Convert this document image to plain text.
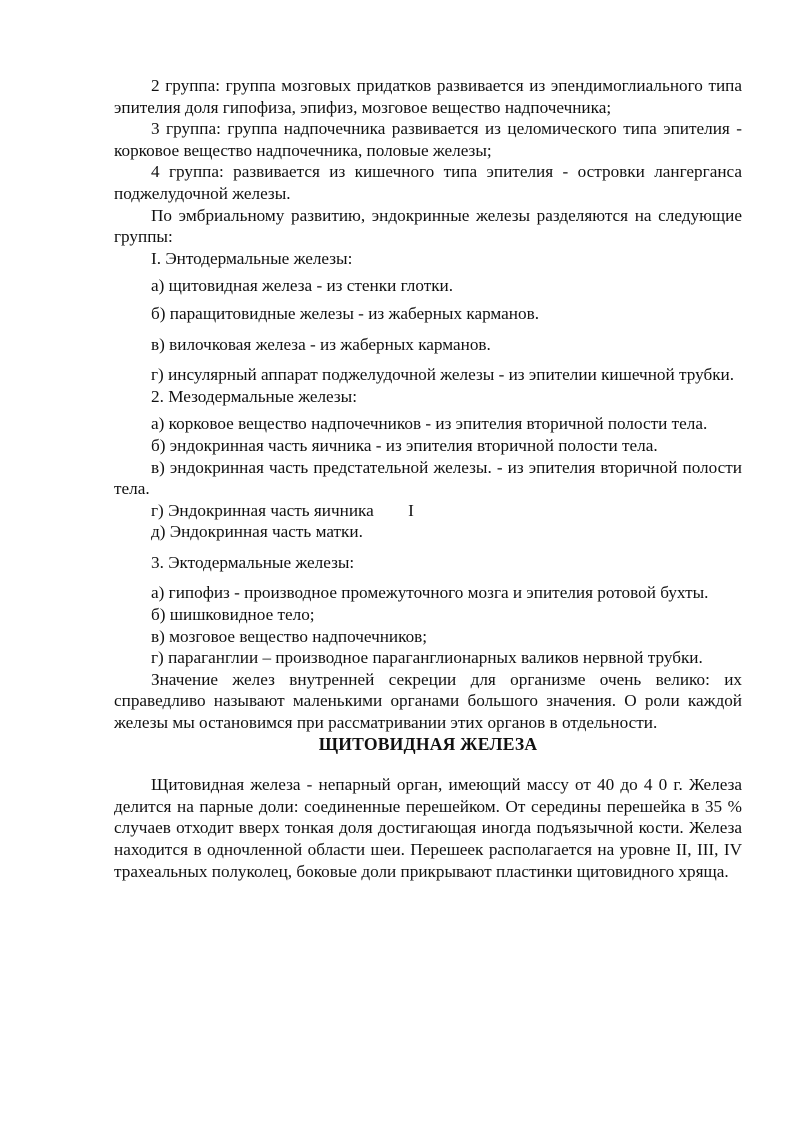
2 группа: группа мозговых придатков развивается из эпендимоглиального типа эпителия доля гипофиза, эпифиз, мозговое вещество надпочечника;

3 группа: группа надпочечника развивается из целомического типа эпителия - корковое вещество надпочечника, половые железы;

4 группа: развивается из кишечного типа эпителия - островки лангерганса поджелудочной железы.

По эмбриальному развитию, эндокринные железы разделяются на следующие группы:

I. Энтодермальные железы:

а) щитовидная железа - из стенки глотки.

б) паращитовидные железы - из жаберных карманов.

в) вилочковая железа - из жаберных карманов.

г) инсулярный аппарат поджелудочной железы - из эпителии кишечной трубки.

2. Мезодермальные железы:

а) корковое вещество надпочечников - из эпителия вторичной полости тела.

б) эндокринная часть яичника - из эпителия вторичной полости тела.

в) эндокринная часть предстательной железы. - из эпителия вторичной полости тела.

г) Эндокринная часть яичника        I

д) Эндокринная часть матки.

3. Эктодермальные железы:

а) гипофиз - производное промежуточного мозга и эпителия ротовой бухты.

б) шишковидное тело;

в) мозговое вещество надпочечников;

г) параганглии – производное параганглионарных валиков нервной трубки.

Значение желез внутренней секреции для организме очень велико: их справедливо называют маленькими органами большого значения. О роли каждой железы мы остановимся при рассматривании этих органов в отдельности.

ЩИТОВИДНАЯ ЖЕЛЕЗА

Щитовидная железа - непарный орган, имеющий массу от 40 до 4 0 г. Железа делится на парные доли: соединенные перешейком. От середины перешейка в 35 % случаев отходит вверх тонкая доля достигающая иногда подъязычной кости. Железа находится в одночленной области шеи. Перешеек располагается на уровне II, III, IV трахеальных полуколец, боковые доли прикрывают пластинки щитовидного хряща.
